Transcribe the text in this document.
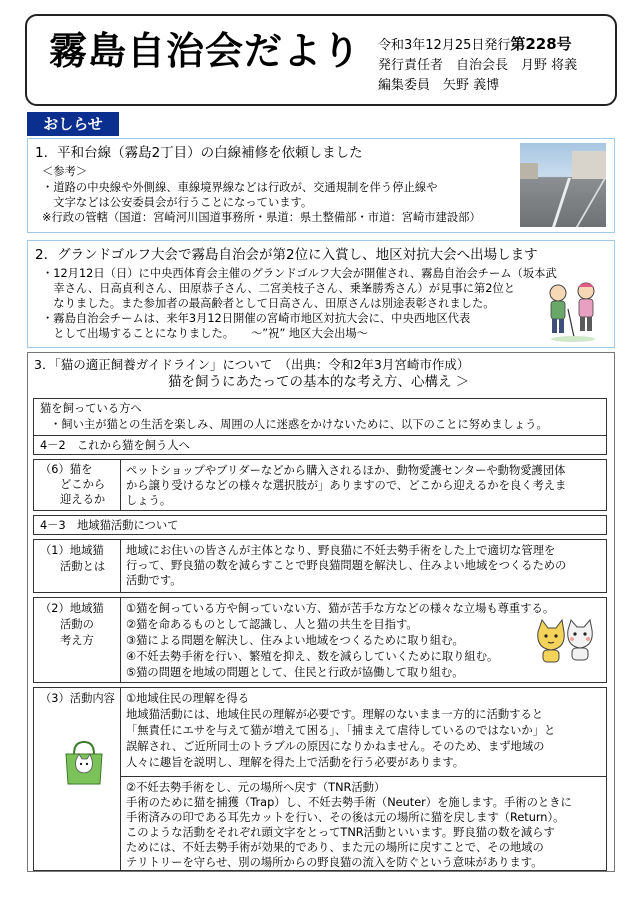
霧島自治会だより 令和3年12月25日発行第228号
発行責任者　自治会長　月野 将義
編集委員　矢野 義博
おしらせ
1．平和台線（霧島2丁目）の白線補修を依頼しました
＜参考＞
・道路の中央線や外側線、車線境界線などは行政が、交通規制を伴う停止線や
　文字などは公安委員会が行うことになっています。
※行政の管轄（国道：宮崎河川国道事務所・県道：県土整備部・市道：宮崎市建設部）
2．グランドゴルフ大会で霧島自治会が第2位に入賞し、地区対抗大会へ出場します
・12月12日（日）に中央西体育会主催のグランドゴルフ大会が開催され、霧島自治会チーム（坂本武
　幸さん、日高貞利さん、田原恭子さん、二宮美枝子さん、乗峯勝秀さん）が見事に第2位と
　なりました。また参加者の最高齢者として日高さん、田原さんは別途表彰されました。
・霧島自治会チームは、来年3月12日開催の宮崎市地区対抗大会に、中央西地区代表
　として出場することになりました。　　～”祝” 地区大会出場～
3．「猫の適正飼養ガイドライン」について　（出典：令和2年3月宮崎市作成）
猫を飼うにあたっての基本的な考え方、心構え ＞
猫を飼っている方へ
・飼い主が猫との生活を楽しみ、周囲の人に迷惑をかけないために、以下のことに努めましょう。
4－2　これから猫を飼う人へ
（6）猫を
どこから
迎えるか
ペットショップやブリダーなどから購入されるほか、動物愛護センターや動物愛護団体
から譲り受けるなどの様々な選択肢が」ありますので、どこから迎えるかを良く考えま
しょう。
4－3　地域猫活動について
（1）地域猫
活動とは
地域にお住いの皆さんが主体となり、野良猫に不妊去勢手術をした上で適切な管理を
行って、野良猫の数を減らすことで野良猫問題を解決し、住みよい地域をつくるための
活動です。
（2）地域猫
活動の
考え方
①猫を飼っている方や飼っていない方、猫が苦手な方などの様々な立場も尊重する。
②猫を命あるものとして認識し、人と猫の共生を目指す。
③猫による問題を解決し、住みよい地域をつくるために取り組む。
④不妊去勢手術を行い、繁殖を抑え、数を減らしていくために取り組む。
⑤猫の問題を地域の問題として、住民と行政が協働して取り組む。
（3）活動内容 ①地域住民の理解を得る
地域猫活動には、地域住民の理解が必要です。理解のないまま一方的に活動すると
「無責任にエサを与えて猫が増えて困る」、「捕まえて虐待しているのではないか」と
誤解され、ご近所同士のトラブルの原因になりかねません。そのため、まず地域の
人々に趣旨を説明し、理解を得た上で活動を行う必要があります。
②不妊去勢手術をし、元の場所へ戻す（TNR活動）
手術のために猫を捕獲（Trap）し、不妊去勢手術（Neuter）を施します。手術のときに
手術済みの印である耳先カットを行い、その後は元の場所に猫を戻します（Return）。
このような活動をそれぞれ頭文字をとってTNR活動といいます。野良猫の数を減らす
ためには、不妊去勢手術が効果的であり、また元の場所に戻すことで、その地域の
テリトリーを守らせ、別の場所からの野良猫の流入を防ぐという意味があります。
